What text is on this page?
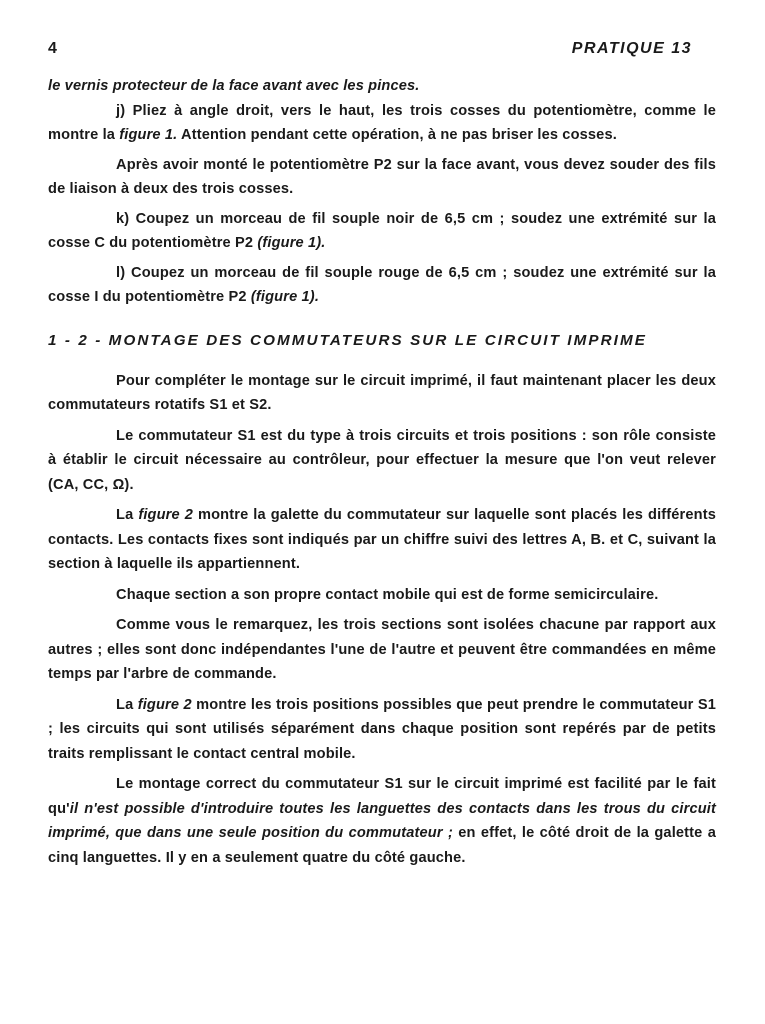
4	PRATIQUE 13

le vernis protecteur de la face avant avec les pinces.

j) Pliez à angle droit, vers le haut, les trois cosses du potentiomètre, comme le montre la figure 1. Attention pendant cette opération, à ne pas briser les cosses.

Après avoir monté le potentiomètre P2 sur la face avant, vous devez souder des fils de liaison à deux des trois cosses.

k) Coupez un morceau de fil souple noir de 6,5 cm ; soudez une extrémité sur la cosse C du potentiomètre P2 (figure 1).

l) Coupez un morceau de fil souple rouge de 6,5 cm ; soudez une extrémité sur la cosse I du potentiomètre P2 (figure 1).

1 - 2 - MONTAGE DES COMMUTATEURS SUR LE CIRCUIT IMPRIME

Pour compléter le montage sur le circuit imprimé, il faut maintenant placer les deux commutateurs rotatifs S1 et S2.

Le commutateur S1 est du type à trois circuits et trois positions : son rôle consiste à établir le circuit nécessaire au contrôleur, pour effectuer la mesure que l'on veut relever (CA, CC, Ω).

La figure 2 montre la galette du commutateur sur laquelle sont placés les différents contacts. Les contacts fixes sont indiqués par un chiffre suivi des lettres A, B. et C, suivant la section à laquelle ils appartiennent.

Chaque section a son propre contact mobile qui est de forme semicirculaire.

Comme vous le remarquez, les trois sections sont isolées chacune par rapport aux autres ; elles sont donc indépendantes l'une de l'autre et peuvent être commandées en même temps par l'arbre de commande.

La figure 2 montre les trois positions possibles que peut prendre le commutateur S1 ; les circuits qui sont utilisés séparément dans chaque position sont repérés par de petits traits remplissant le contact central mobile.

Le montage correct du commutateur S1 sur le circuit imprimé est facilité par le fait qu'il n'est possible d'introduire toutes les languettes des contacts dans les trous du circuit imprimé, que dans une seule position du commutateur ; en effet, le côté droit de la galette a cinq languettes. Il y en a seulement quatre du côté gauche.
